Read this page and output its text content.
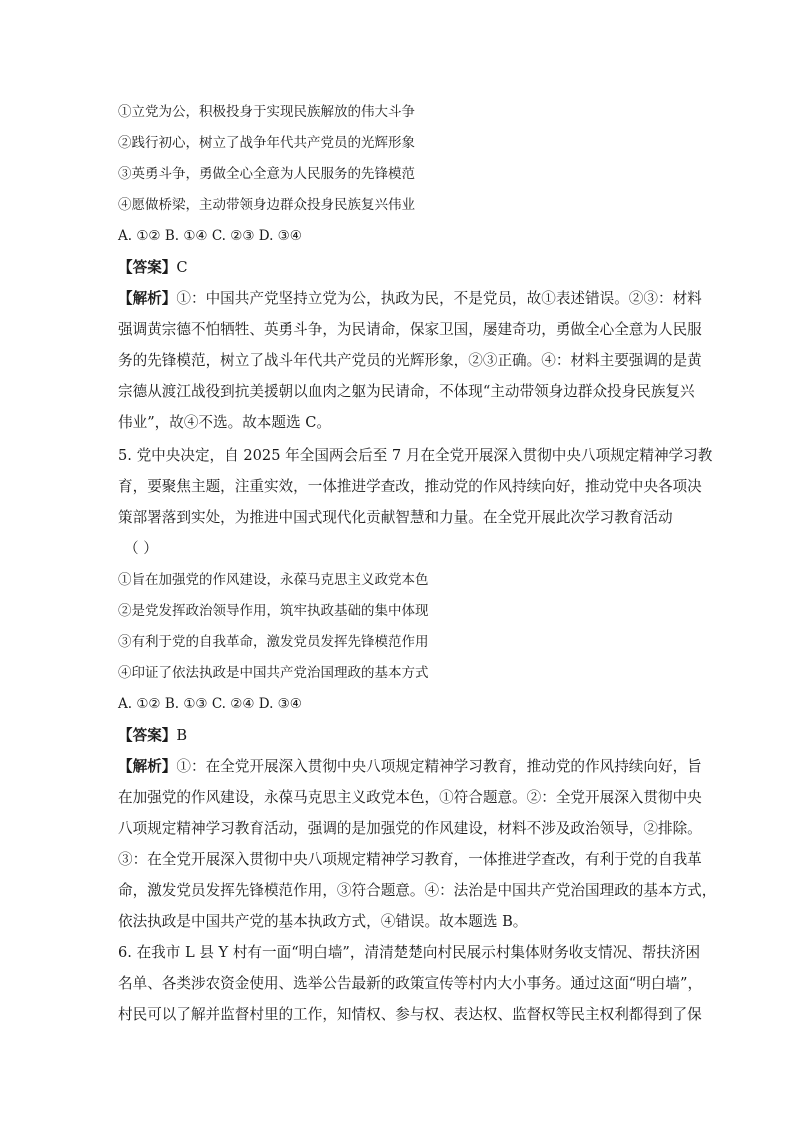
①立党为公，积极投身于实现民族解放的伟大斗争
②践行初心，树立了战争年代共产党员的光辉形象
③英勇斗争，勇做全心全意为人民服务的先锋模范
④愿做桥梁，主动带领身边群众投身民族复兴伟业
A. ①② B. ①④ C. ②③ D. ③④
【答案】C
【解析】①：中国共产党坚持立党为公，执政为民，不是党员，故①表述错误。②③：材料
强调黄宗德不怕牺牲、英勇斗争，为民请命，保家卫国，屡建奇功，勇做全心全意为人民服
务的先锋模范，树立了战斗年代共产党员的光辉形象，②③正确。④：材料主要强调的是黄
宗德从渡江战役到抗美援朝以血肉之躯为民请命，不体现“主动带领身边群众投身民族复兴
伟业”，故④不选。故本题选 C。
5. 党中央决定，自 2025 年全国两会后至 7 月在全党开展深入贯彻中央八项规定精神学习教
育，要聚焦主题，注重实效，一体推进学查改，推动党的作风持续向好，推动党中央各项决
策部署落到实处，为推进中国式现代化贡献智慧和力量。在全党开展此次学习教育活动
（ ）
①旨在加强党的作风建设，永葆马克思主义政党本色
②是党发挥政治领导作用，筑牢执政基础的集中体现
③有利于党的自我革命，激发党员发挥先锋模范作用
④印证了依法执政是中国共产党治国理政的基本方式
A. ①② B. ①③ C. ②④ D. ③④
【答案】B
【解析】①：在全党开展深入贯彻中央八项规定精神学习教育，推动党的作风持续向好，旨
在加强党的作风建设，永葆马克思主义政党本色，①符合题意。②：全党开展深入贯彻中央
八项规定精神学习教育活动，强调的是加强党的作风建设，材料不涉及政治领导，②排除。
③：在全党开展深入贯彻中央八项规定精神学习教育，一体推进学查改，有利于党的自我革
命，激发党员发挥先锋模范作用，③符合题意。④：法治是中国共产党治国理政的基本方式，
依法执政是中国共产党的基本执政方式，④错误。故本题选 B。
6. 在我市 L 县 Y 村有一面“明白墙”，清清楚楚向村民展示村集体财务收支情况、帮扶济困
名单、各类涉农资金使用、选举公告最新的政策宣传等村内大小事务。通过这面“明白墙”，
村民可以了解并监督村里的工作，知情权、参与权、表达权、监督权等民主权利都得到了保
